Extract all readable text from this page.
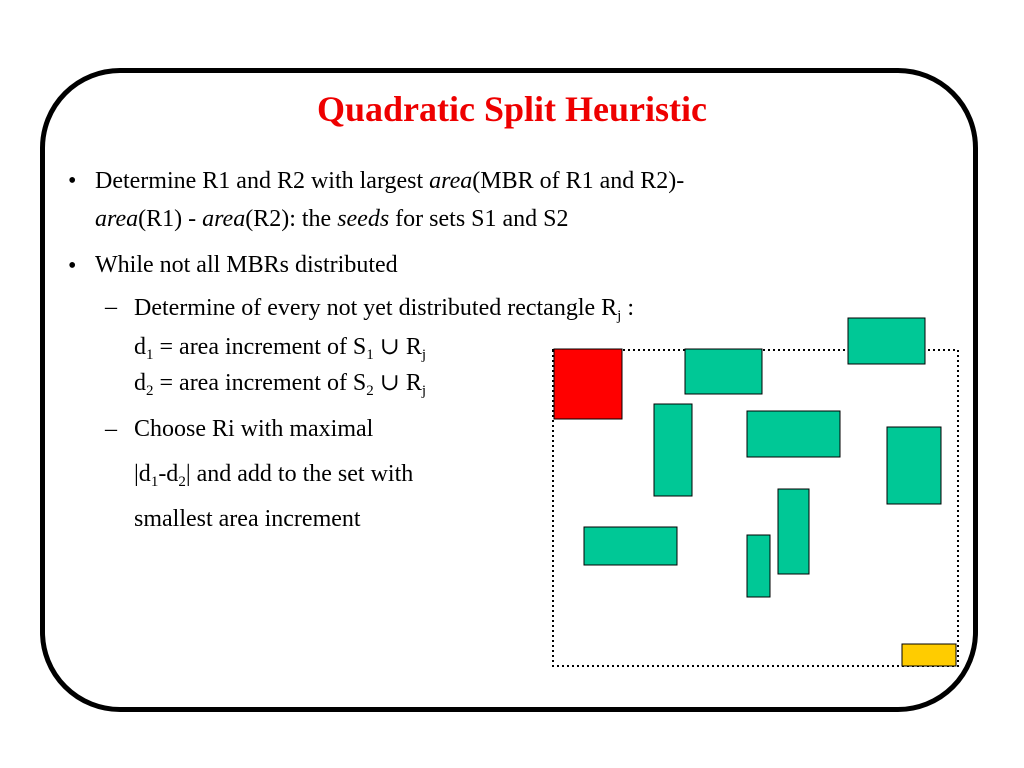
Quadratic Split Heuristic
• Determine R1 and R2 with largest area(MBR of R1 and R2)-
area(R1) - area(R2): the seeds for sets S1 and S2
• While not all MBRs distributed
– Determine of every not yet distributed rectangle $R_j$ :
$d_1$ = area increment of $S_1$ ∪ $R_j$
$d_2$ = area increment of $S_2$ ∪ $R_j$
– Choose Ri with maximal
$|d_1-d_2|$ and add to the set with
smallest area increment
